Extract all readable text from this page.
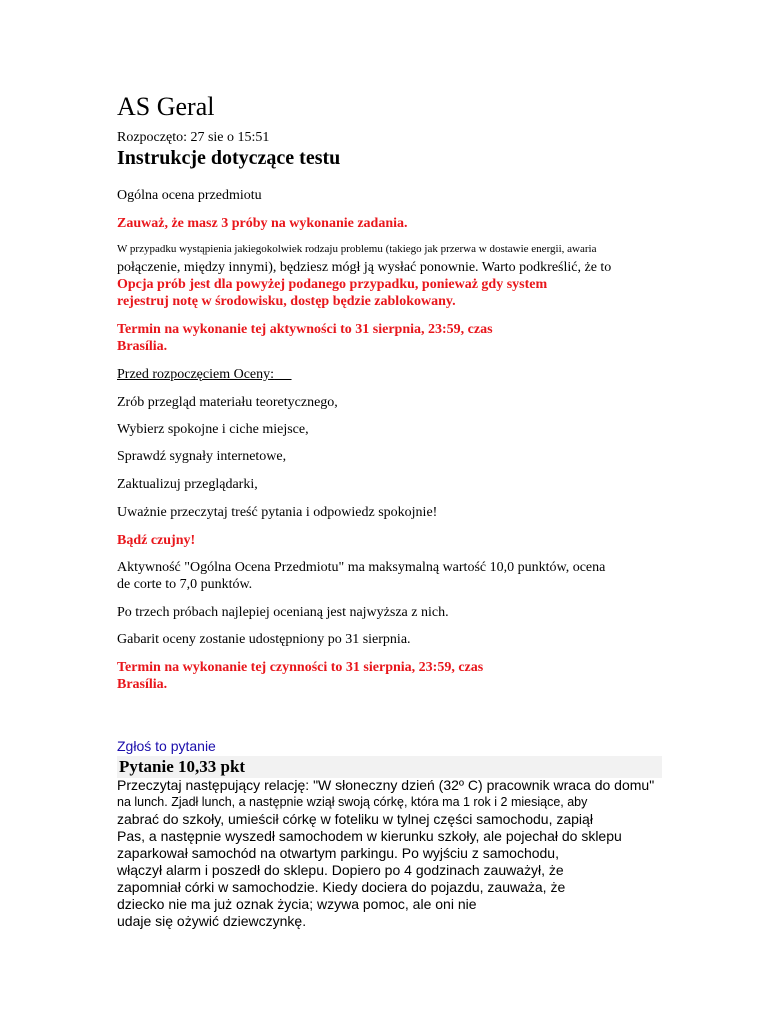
AS Geral
Rozpoczęto: 27 sie o 15:51
Instrukcje dotyczące testu
Ogólna ocena przedmiotu
Zauważ, że masz 3 próby na wykonanie zadania.
W przypadku wystąpienia jakiegokolwiek rodzaju problemu (takiego jak przerwa w dostawie energii, awaria
połączenie, między innymi), będziesz mógł ją wysłać ponownie. Warto podkreślić, że to
Opcja prób jest dla powyżej podanego przypadku, ponieważ gdy system
rejestruj notę w środowisku, dostęp będzie zablokowany.
Termin na wykonanie tej aktywności to 31 sierpnia, 23:59, czas
Brasília.
Przed rozpoczęciem Oceny:
Zrób przegląd materiału teoretycznego,
Wybierz spokojne i ciche miejsce,
Sprawdź sygnały internetowe,
Zaktualizuj przeglądarki,
Uważnie przeczytaj treść pytania i odpowiedz spokojnie!
Bądź czujny!
Aktywność "Ogólna Ocena Przedmiotu" ma maksymalną wartość 10,0 punktów, ocena
de corte to 7,0 punktów.
Po trzech próbach najlepiej ocenianą jest najwyższa z nich.
Gabarit oceny zostanie udostępniony po 31 sierpnia.
Termin na wykonanie tej czynności to 31 sierpnia, 23:59, czas
Brasília.
Zgłoś to pytanie
Pytanie 10,33 pkt
Przeczytaj następujący relację: "W słoneczny dzień (32º C) pracownik wraca do domu"
na lunch. Zjadł lunch, a następnie wziął swoją córkę, która ma 1 rok i 2 miesiące, aby
zabrać do szkoły, umieścił córkę w foteliku w tylnej części samochodu, zapiął
Pas, a następnie wyszedł samochodem w kierunku szkoły, ale pojechał do sklepu
zaparkował samochód na otwartym parkingu. Po wyjściu z samochodu,
włączył alarm i poszedł do sklepu. Dopiero po 4 godzinach zauważył, że
zapomniał córki w samochodzie. Kiedy dociera do pojazdu, zauważa, że
dziecko nie ma już oznak życia; wzywa pomoc, ale oni nie
udaje się ożywić dziewczynkę.
